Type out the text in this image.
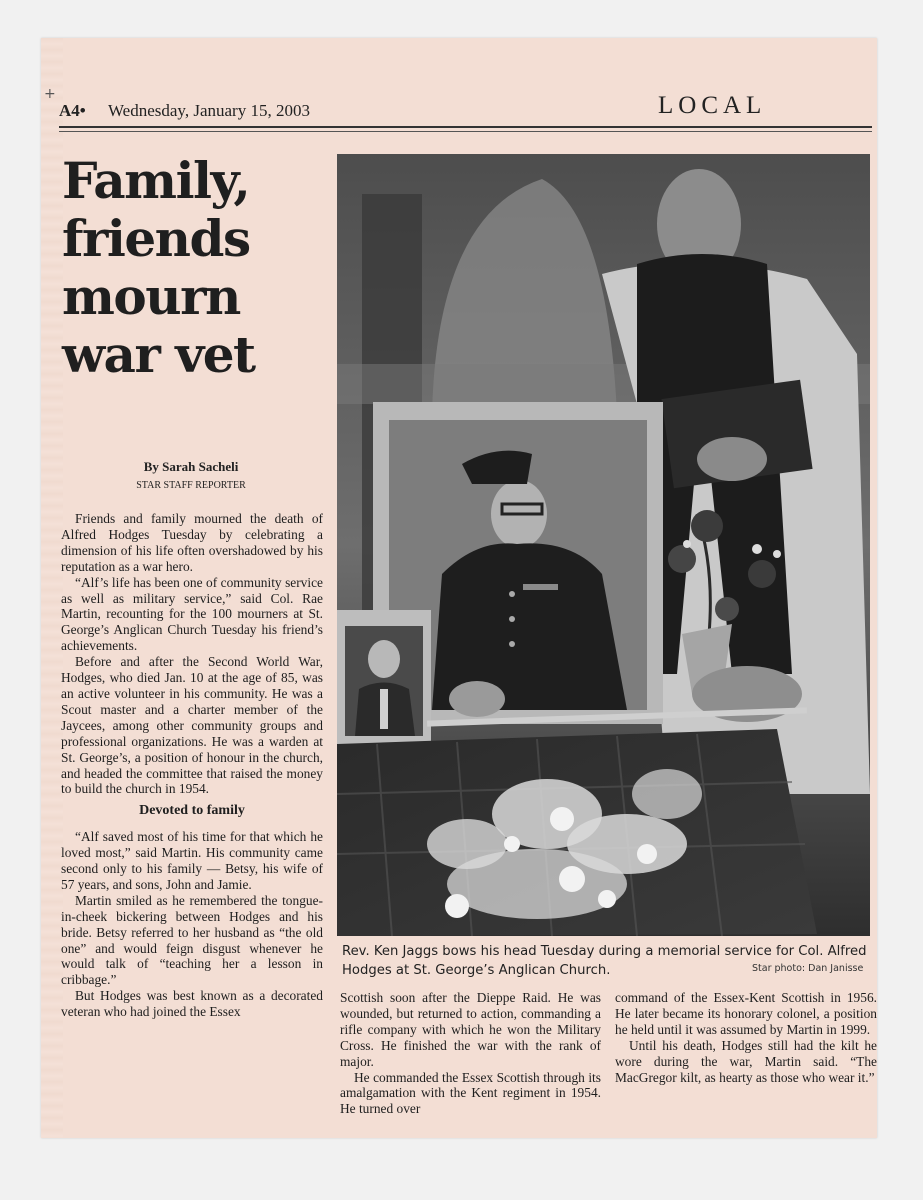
+
A4• Wednesday, January 15, 2003	LOCAL
Family,
friends
mourn
war vet
By Sarah Sacheli
STAR STAFF REPORTER

Friends and family mourned the death of Alfred Hodges Tuesday by celebrating a dimension of his life often overshadowed by his reputation as a war hero.

“Alf’s life has been one of community service as well as military service,” said Col. Rae Martin, recounting for the 100 mourners at St. George’s Anglican Church Tuesday his friend’s achievements.

Before and after the Second World War, Hodges, who died Jan. 10 at the age of 85, was an active volunteer in his community. He was a Scout master and a charter member of the Jaycees, among other community groups and professional organizations. He was a warden at St. George’s, a position of honour in the church, and headed the committee that raised the money to build the church in 1954.

Devoted to family

“Alf saved most of his time for that which he loved most,” said Martin. His community came second only to his family — Betsy, his wife of 57 years, and sons, John and Jamie.

Martin smiled as he remembered the tongue-in-cheek bickering between Hodges and his bride. Betsy referred to her husband as “the old one” and would feign disgust whenever he would talk of “teaching her a lesson in cribbage.”

But Hodges was best known as a decorated veteran who had joined the Essex

Rev. Ken Jaggs bows his head Tuesday during a memorial service for Col. Alfred Hodges at St. George’s Anglican Church.	Star photo: Dan Janisse

Scottish soon after the Dieppe Raid. He was wounded, but returned to action, commanding a rifle company with which he won the Military Cross. He finished the war with the rank of major.

He commanded the Essex Scottish through its amalgamation with the Kent regiment in 1954. He turned over

command of the Essex-Kent Scottish in 1956. He later became its honorary colonel, a position he held until it was assumed by Martin in 1999.

Until his death, Hodges still had the kilt he wore during the war, Martin said. “The MacGregor kilt, as hearty as those who wear it.”
